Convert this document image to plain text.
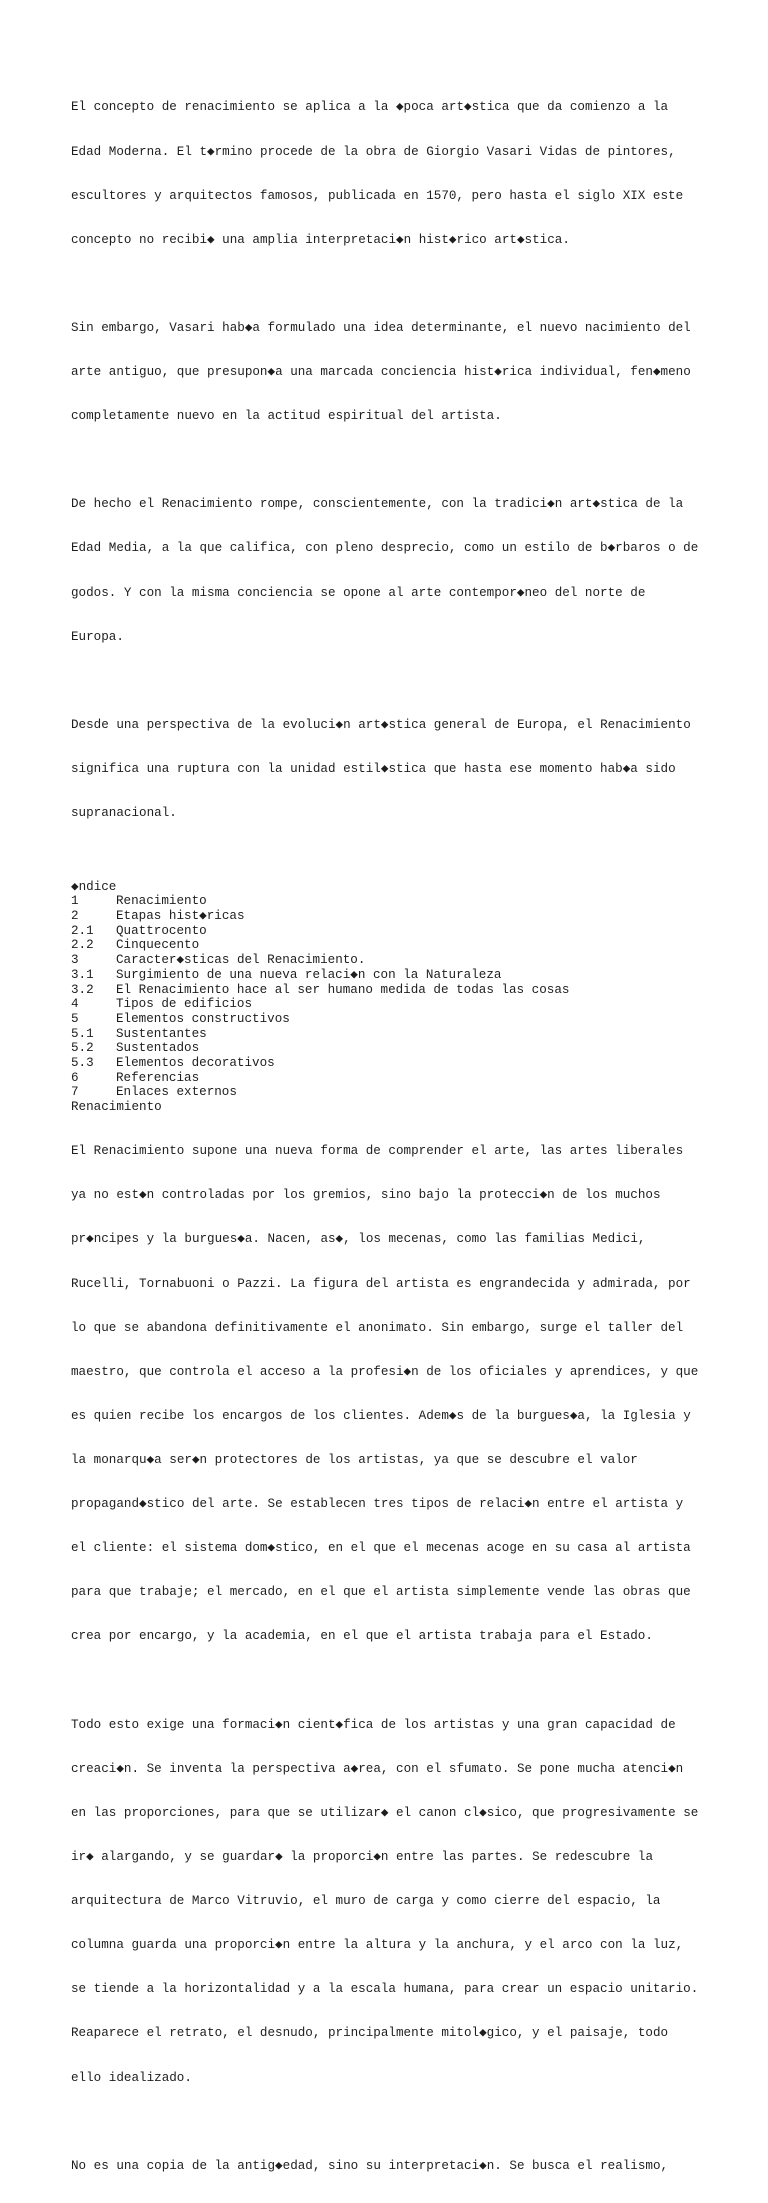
El concepto de renacimiento se aplica a la ◆poca art◆stica que da comienzo a la

Edad Moderna. El t◆rmino procede de la obra de Giorgio Vasari Vidas de pintores,

escultores y arquitectos famosos, publicada en 1570, pero hasta el siglo XIX este

concepto no recibi◆ una amplia interpretaci◆n hist◆rico art◆stica.

Sin embargo, Vasari hab◆a formulado una idea determinante, el nuevo nacimiento del

arte antiguo, que presupon◆a una marcada conciencia hist◆rica individual, fen◆meno

completamente nuevo en la actitud espiritual del artista.

De hecho el Renacimiento rompe, conscientemente, con la tradici◆n art◆stica de la

Edad Media, a la que califica, con pleno desprecio, como un estilo de b◆rbaros o de

godos. Y con la misma conciencia se opone al arte contempor◆neo del norte de

Europa.

Desde una perspectiva de la evoluci◆n art◆stica general de Europa, el Renacimiento

significa una ruptura con la unidad estil◆stica que hasta ese momento hab◆a sido

supranacional.

◆ndice
1	Renacimiento
2	Etapas hist◆ricas
2.1	Quattrocento
2.2	Cinquecento
3	Caracter◆sticas del Renacimiento.
3.1	Surgimiento de una nueva relaci◆n con la Naturaleza
3.2	El Renacimiento hace al ser humano medida de todas las cosas
4	Tipos de edificios
5	Elementos constructivos
5.1	Sustentantes
5.2	Sustentados
5.3	Elementos decorativos
6	Referencias
7	Enlaces externos
Renacimiento

El Renacimiento supone una nueva forma de comprender el arte, las artes liberales

ya no est◆n controladas por los gremios, sino bajo la protecci◆n de los muchos

pr◆ncipes y la burgues◆a. Nacen, as◆, los mecenas, como las familias Medici,

Rucelli, Tornabuoni o Pazzi. La figura del artista es engrandecida y admirada, por

lo que se abandona definitivamente el anonimato. Sin embargo, surge el taller del

maestro, que controla el acceso a la profesi◆n de los oficiales y aprendices, y que

es quien recibe los encargos de los clientes. Adem◆s de la burgues◆a, la Iglesia y

la monarqu◆a ser◆n protectores de los artistas, ya que se descubre el valor

propagand◆stico del arte. Se establecen tres tipos de relaci◆n entre el artista y

el cliente: el sistema dom◆stico, en el que el mecenas acoge en su casa al artista

para que trabaje; el mercado, en el que el artista simplemente vende las obras que

crea por encargo, y la academia, en el que el artista trabaja para el Estado.

Todo esto exige una formaci◆n cient◆fica de los artistas y una gran capacidad de

creaci◆n. Se inventa la perspectiva a◆rea, con el sfumato. Se pone mucha atenci◆n

en las proporciones, para que se utilizar◆ el canon cl◆sico, que progresivamente se

ir◆ alargando, y se guardar◆ la proporci◆n entre las partes. Se redescubre la

arquitectura de Marco Vitruvio, el muro de carga y como cierre del espacio, la

columna guarda una proporci◆n entre la altura y la anchura, y el arco con la luz,

se tiende a la horizontalidad y a la escala humana, para crear un espacio unitario.

Reaparece el retrato, el desnudo, principalmente mitol◆gico, y el paisaje, todo

ello idealizado.

No es una copia de la antig◆edad, sino su interpretaci◆n. Se busca el realismo,
